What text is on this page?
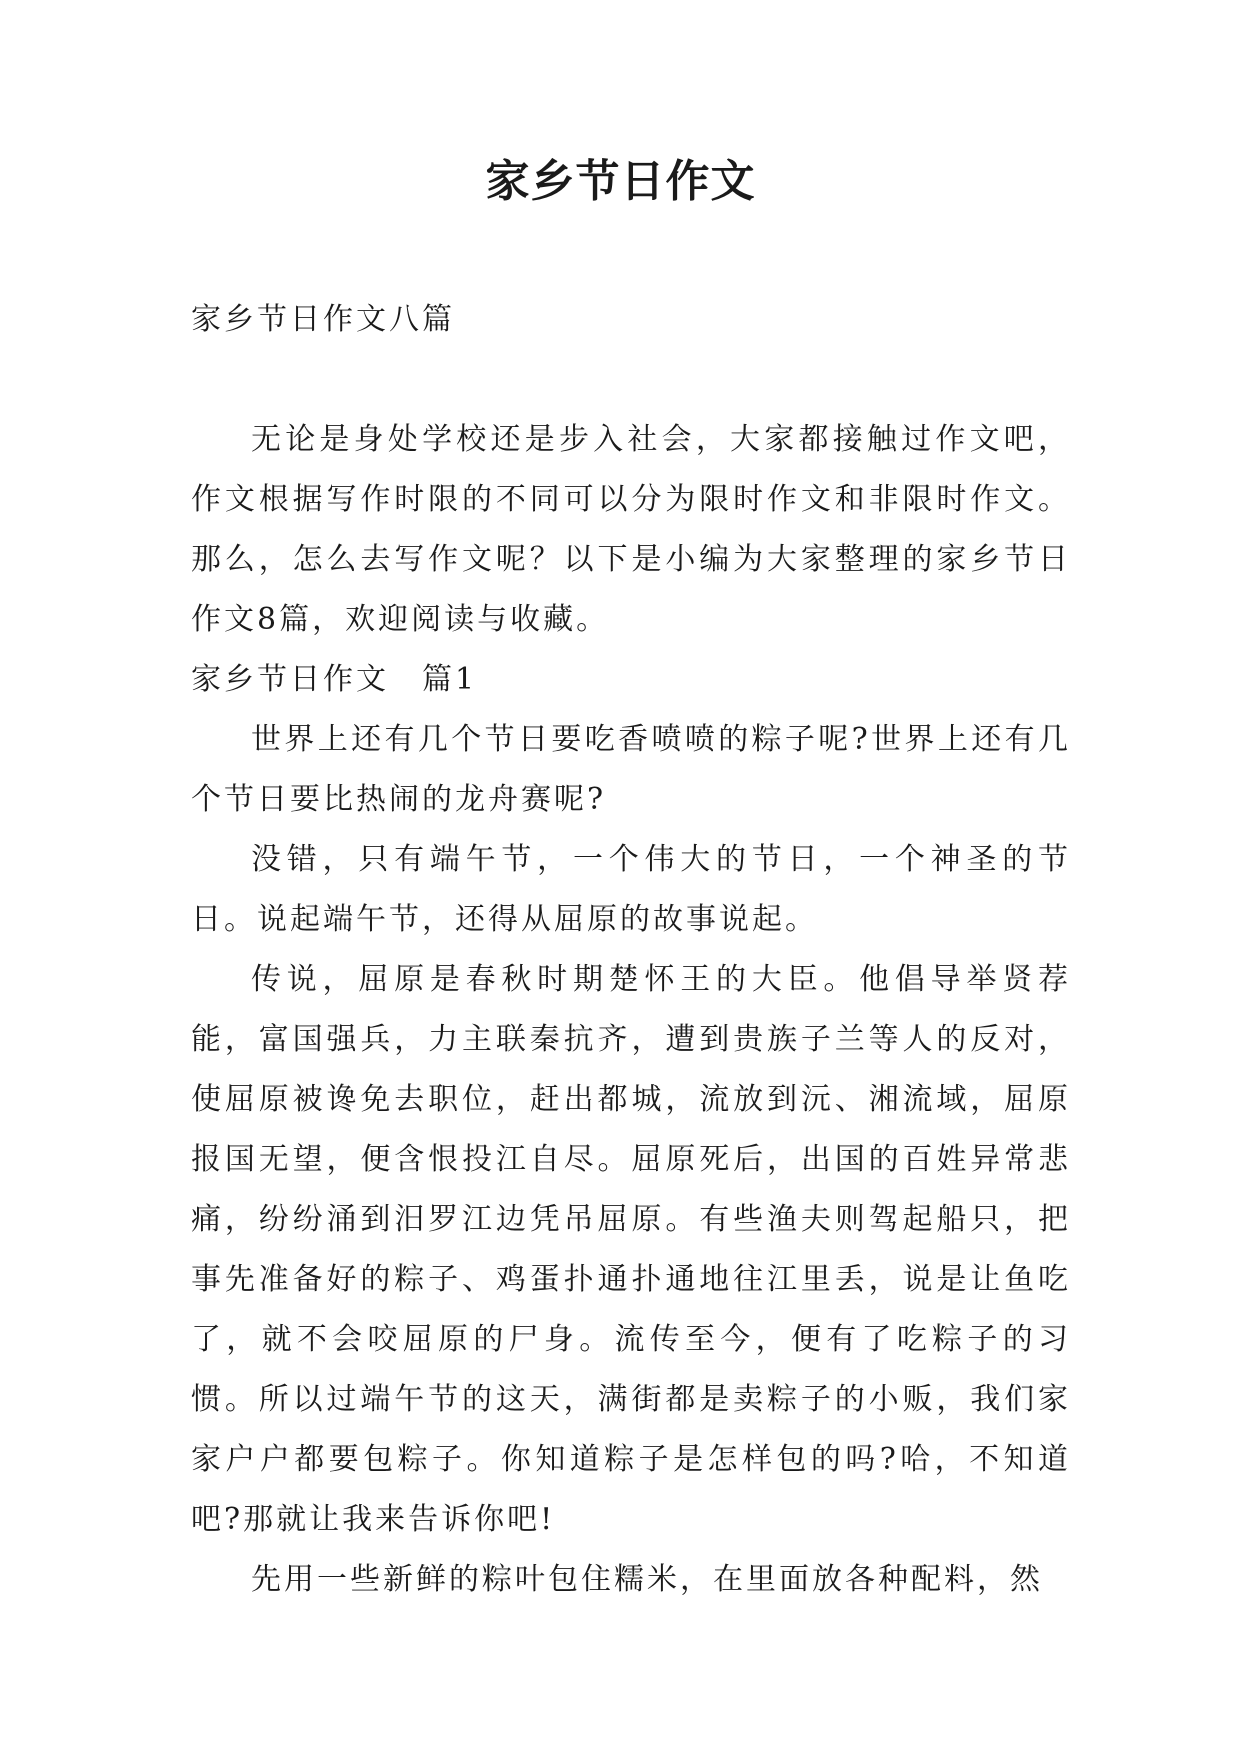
家乡节日作文

家乡节日作文八篇

无论是身处学校还是步入社会，大家都接触过作文吧，作文根据写作时限的不同可以分为限时作文和非限时作文。那么，怎么去写作文呢？以下是小编为大家整理的家乡节日作文8篇，欢迎阅读与收藏。

家乡节日作文　篇1

世界上还有几个节日要吃香喷喷的粽子呢?世界上还有几个节日要比热闹的龙舟赛呢?

没错，只有端午节，一个伟大的节日，一个神圣的节日。说起端午节，还得从屈原的故事说起。

传说，屈原是春秋时期楚怀王的大臣。他倡导举贤荐能，富国强兵，力主联秦抗齐，遭到贵族子兰等人的反对，使屈原被谗免去职位，赶出都城，流放到沅、湘流域，屈原报国无望，便含恨投江自尽。屈原死后，出国的百姓异常悲痛，纷纷涌到汨罗江边凭吊屈原。有些渔夫则驾起船只，把事先准备好的粽子、鸡蛋扑通扑通地往江里丢，说是让鱼吃了，就不会咬屈原的尸身。流传至今，便有了吃粽子的习惯。所以过端午节的这天，满街都是卖粽子的小贩，我们家家户户都要包粽子。你知道粽子是怎样包的吗?哈，不知道吧?那就让我来告诉你吧!

先用一些新鲜的粽叶包住糯米，在里面放各种配料，然
